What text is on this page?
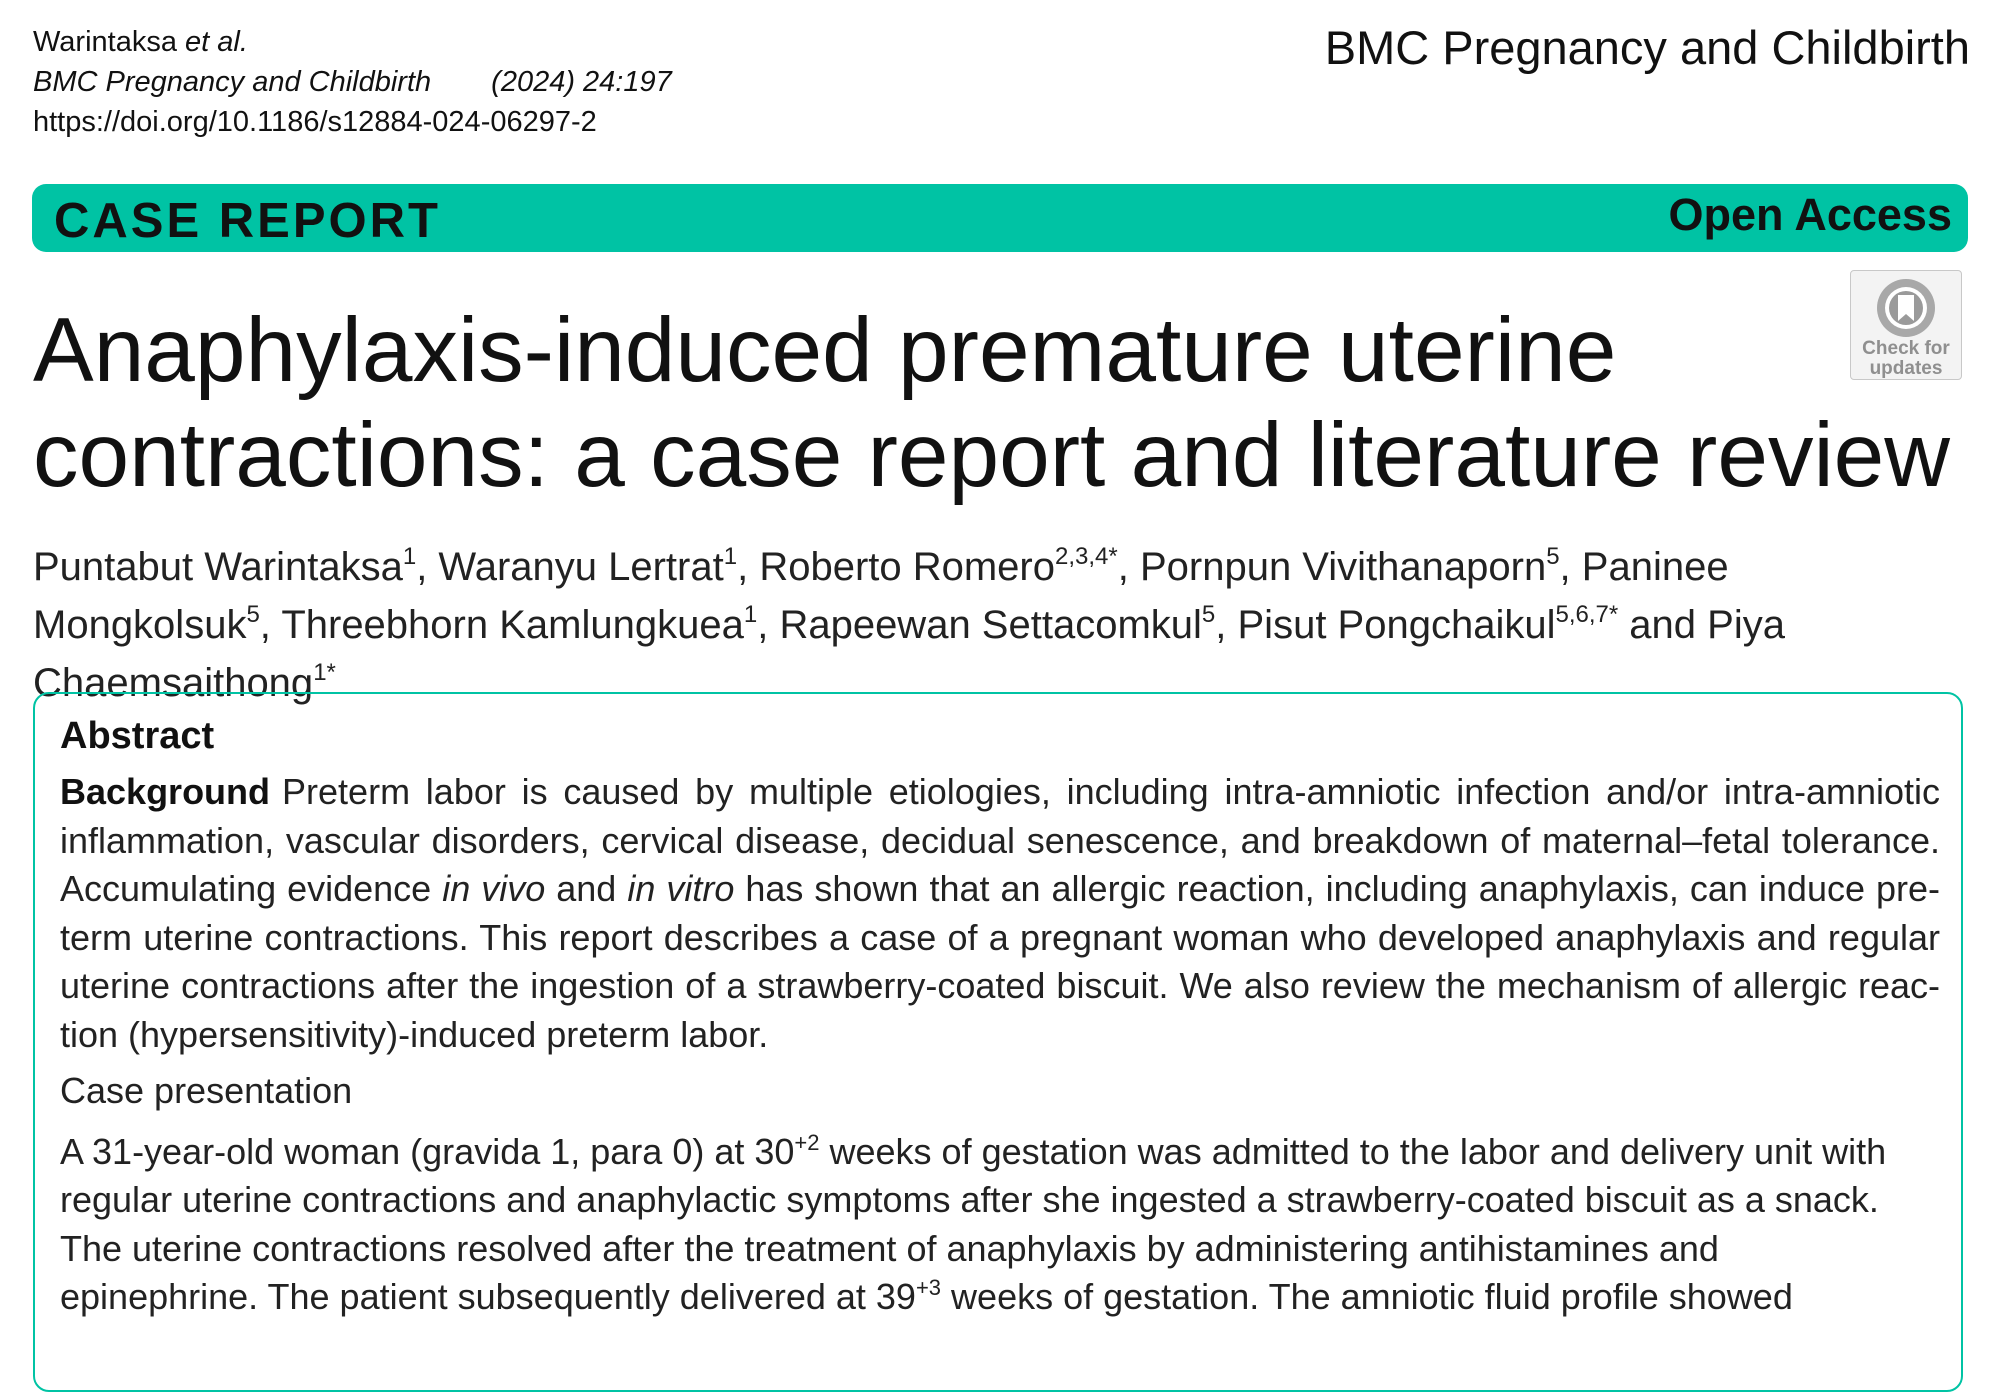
Warintaksa et al.
BMC Pregnancy and Childbirth (2024) 24:197
https://doi.org/10.1186/s12884-024-06297-2
BMC Pregnancy and Childbirth
CASE REPORT	Open Access
Check for
updates
Anaphylaxis-induced premature uterine contractions: a case report and literature review
Puntabut Warintaksa$^1$, Waranyu Lertrat$^1$, Roberto Romero$^{2,3,4*}$, Pornpun Vivithanaporn$^5$, Paninee Mongkolsuk$^5$, Threebhorn Kamlungkuea$^1$, Rapeewan Settacomkul$^5$, Pisut Pongchaikul$^{5,6,7*}$ and Piya Chaemsaithong$^{1*}$
Abstract
Background Preterm labor is caused by multiple etiologies, including intra-amniotic infection and/or intra-amniotic inflammation, vascular disorders, cervical disease, decidual senescence, and breakdown of maternal–fetal tolerance. Accumulating evidence in vivo and in vitro has shown that an allergic reaction, including anaphylaxis, can induce pre-term uterine contractions. This report describes a case of a pregnant woman who developed anaphylaxis and regular uterine contractions after the ingestion of a strawberry-coated biscuit. We also review the mechanism of allergic reac-tion (hypersensitivity)-induced preterm labor.
Case presentation
A 31-year-old woman (gravida 1, para 0) at $30^{+2}$ weeks of gestation was admitted to the labor and delivery unit with regular uterine contractions and anaphylactic symptoms after she ingested a strawberry-coated biscuit as a snack. The uterine contractions resolved after the treatment of anaphylaxis by administering antihistamines and epinephrine. The patient subsequently delivered at $39^{+3}$ weeks of gestation. The amniotic fluid profile showed
